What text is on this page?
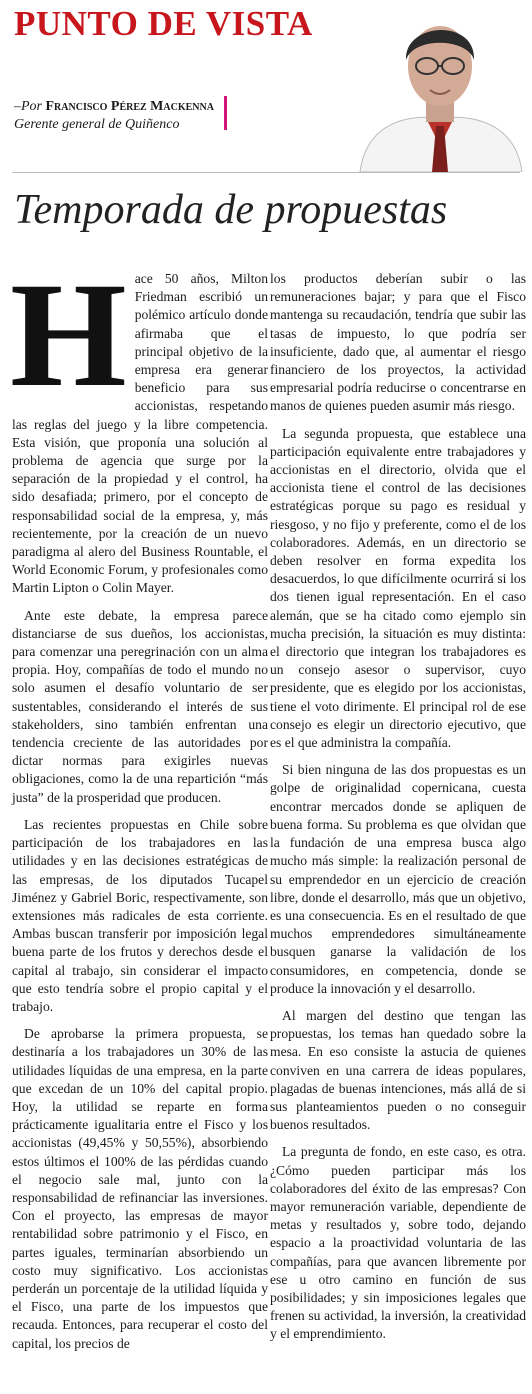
PUNTO DE VISTA
–Por Francisco Pérez Mackenna
Gerente general de Quiñenco
Temporada de propuestas

Hace 50 años, Milton Friedman escribió un polémico artículo donde afirmaba que el principal objetivo de la empresa era generar beneficio para sus accionistas, respetando las reglas del juego y la libre competencia. Esta visión, que proponía una solución al problema de agencia que surge por la separación de la propiedad y el control, ha sido desafiada; primero, por el concepto de responsabilidad social de la empresa, y, más recientemente, por la creación de un nuevo paradigma al alero del Business Rountable, el World Economic Forum, y profesionales como Martin Lipton o Colin Mayer.

Ante este debate, la empresa parece distanciarse de sus dueños, los accionistas, para comenzar una peregrinación con un alma propia. Hoy, compañías de todo el mundo no solo asumen el desafío voluntario de ser sustentables, considerando el interés de sus stakeholders, sino también enfrentan una tendencia creciente de las autoridades por dictar normas para exigirles nuevas obligaciones, como la de una repartición “más justa” de la prosperidad que producen.

Las recientes propuestas en Chile sobre participación de los trabajadores en las utilidades y en las decisiones estratégicas de las empresas, de los diputados Tucapel Jiménez y Gabriel Boric, respectivamente, son extensiones más radicales de esta corriente. Ambas buscan transferir por imposición legal buena parte de los frutos y derechos desde el capital al trabajo, sin considerar el impacto que esto tendría sobre el propio capital y el trabajo.

De aprobarse la primera propuesta, se destinaría a los trabajadores un 30% de las utilidades líquidas de una empresa, en la parte que excedan de un 10% del capital propio. Hoy, la utilidad se reparte en forma prácticamente igualitaria entre el Fisco y los accionistas (49,45% y 50,55%), absorbiendo estos últimos el 100% de las pérdidas cuando el negocio sale mal, junto con la responsabilidad de refinanciar las inversiones. Con el proyecto, las empresas de mayor rentabilidad sobre patrimonio y el Fisco, en partes iguales, terminarían absorbiendo un costo muy significativo. Los accionistas perderán un porcentaje de la utilidad líquida y el Fisco, una parte de los impuestos que recauda. Entonces, para recuperar el costo del capital, los precios de

los productos deberían subir o las remuneraciones bajar; y para que el Fisco mantenga su recaudación, tendría que subir las tasas de impuesto, lo que podría ser insuficiente, dado que, al aumentar el riesgo financiero de los proyectos, la actividad empresarial podría reducirse o concentrarse en manos de quienes pueden asumir más riesgo.

La segunda propuesta, que establece una participación equivalente entre trabajadores y accionistas en el directorio, olvida que el accionista tiene el control de las decisiones estratégicas porque su pago es residual y riesgoso, y no fijo y preferente, como el de los colaboradores. Además, en un directorio se deben resolver en forma expedita los desacuerdos, lo que difícilmente ocurrirá si los dos tienen igual representación. En el caso alemán, que se ha citado como ejemplo sin mucha precisión, la situación es muy distinta: el directorio que integran los trabajadores es un consejo asesor o supervisor, cuyo presidente, que es elegido por los accionistas, tiene el voto dirimente. El principal rol de ese consejo es elegir un directorio ejecutivo, que es el que administra la compañía.

Si bien ninguna de las dos propuestas es un golpe de originalidad copernicana, cuesta encontrar mercados donde se apliquen de buena forma. Su problema es que olvidan que la fundación de una empresa busca algo mucho más simple: la realización personal de su emprendedor en un ejercicio de creación libre, donde el desarrollo, más que un objetivo, es una consecuencia. Es en el resultado de que muchos emprendedores simultáneamente busquen ganarse la validación de los consumidores, en competencia, donde se produce la innovación y el desarrollo.

Al margen del destino que tengan las propuestas, los temas han quedado sobre la mesa. En eso consiste la astucia de quienes conviven en una carrera de ideas populares, plagadas de buenas intenciones, más allá de si sus planteamientos pueden o no conseguir buenos resultados.

La pregunta de fondo, en este caso, es otra. ¿Cómo pueden participar más los colaboradores del éxito de las empresas? Con mayor remuneración variable, dependiente de metas y resultados y, sobre todo, dejando espacio a la proactividad voluntaria de las compañías, para que avancen libremente por ese u otro camino en función de sus posibilidades; y sin imposiciones legales que frenen su actividad, la inversión, la creatividad y el emprendimiento.
